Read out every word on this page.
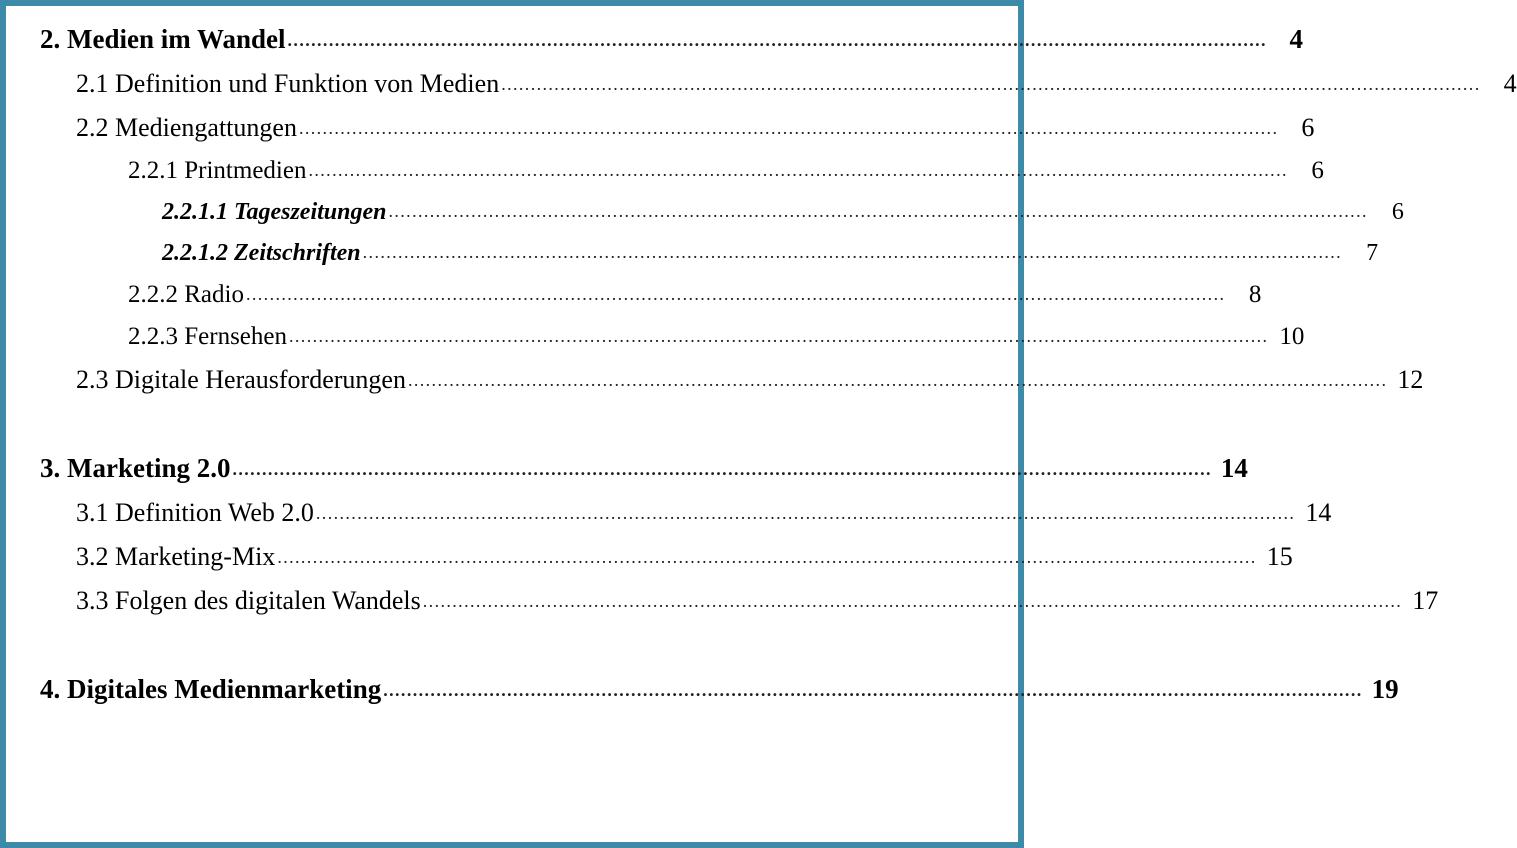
2. Medien im Wandel .....	4
2.1 Definition und Funktion von Medien .....	4
2.2 Mediengattungen .....	6
2.2.1 Printmedien .....	6
2.2.1.1 Tageszeitungen .....	6
2.2.1.2 Zeitschriften .....	7
2.2.2 Radio .....	8
2.2.3 Fernsehen .....	10
2.3 Digitale Herausforderungen .....	12
3. Marketing 2.0 .....	14
3.1 Definition Web 2.0 .....	14
3.2 Marketing-Mix .....	15
3.3 Folgen des digitalen Wandels .....	17
4. Digitales Medienmarketing .....	19
